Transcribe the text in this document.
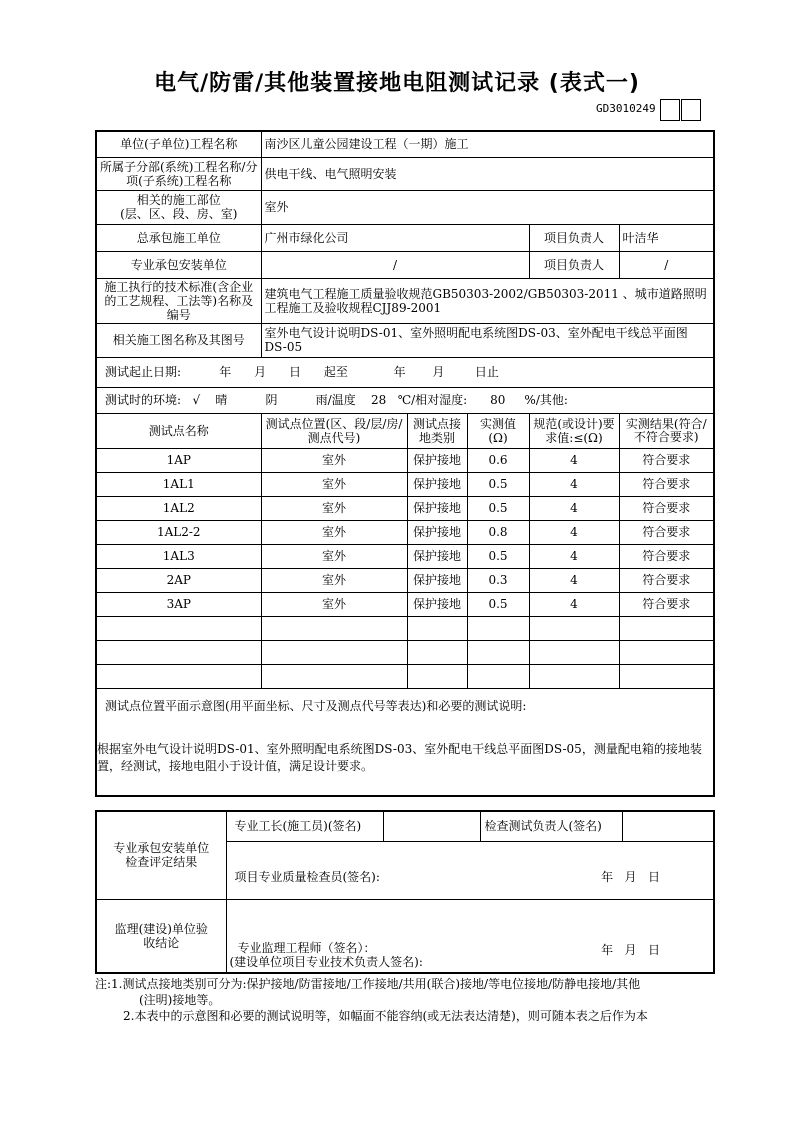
电气/防雷/其他装置接地电阻测试记录 (表式一)
GD3010249
单位(子单位)工程名称	南沙区儿童公园建设工程（一期）施工				
所属子分部(系统)工程名称/分项(子系统)工程名称	供电干线、电气照明安装				
相关的施工部位
(层、区、段、房、室)	室外				
总承包施工单位	广州市绿化公司			项目负责人	叶洁华
专业承包安装单位	/			项目负责人	/
施工执行的技术标准(含企业的工艺规程、工法等)名称及编号	建筑电气工程施工质量验收规范GB50303-2002/GB50303-2011 、城市道路照明工程施工及验收规程CJJ89-2001				
相关施工图名称及其图号	室外电气设计说明DS-01、室外照明配电系统图DS-03、室外配电干线总平面图DS-05				
测试起止日期:          年      月      日      起至            年       月        日止					
测试时的环境:   √    晴          阴          雨/温度    28   ℃/相对湿度:      80     %/其他:					
测试点名称	测试点位置(区、段/层/房/测点代号)	测试点接地类别	实测值(Ω)	规范(或设计)要求值:≤(Ω)	实测结果(符合/不符合要求)
1AP	室外	保护接地	0.6	4	符合要求
1AL1	室外	保护接地	0.5	4	符合要求
1AL2	室外	保护接地	0.5	4	符合要求
1AL2-2	室外	保护接地	0.8	4	符合要求
1AL3	室外	保护接地	0.5	4	符合要求
2AP	室外	保护接地	0.3	4	符合要求
3AP	室外	保护接地	0.5	4	符合要求

测试点位置平面示意图(用平面坐标、尺寸及测点代号等表达)和必要的测试说明:
根据室外电气设计说明DS-01、室外照明配电系统图DS-03、室外配电干线总平面图DS-05，测量配电箱的接地装置，经测试，接地电阻小于设计值，满足设计要求。					
专业承包安装单位检查评定结果	专业工长(施工员)(签名)		检查测试负责人(签名)	
	项目专业质量检查员(签名): 年   月   日			

监理(建设)单位验收结论	专业监理工程师（签名）：
(建设单位项目专业技术负责人签名):
年   月   日			
注:1.测试点接地类别可分为:保护接地/防雷接地/工作接地/共用(联合)接地/等电位接地/防静电接地/其他
(注明)接地等。
2.本表中的示意图和必要的测试说明等，如幅面不能容纳(或无法表达清楚)，则可随本表之后作为本
